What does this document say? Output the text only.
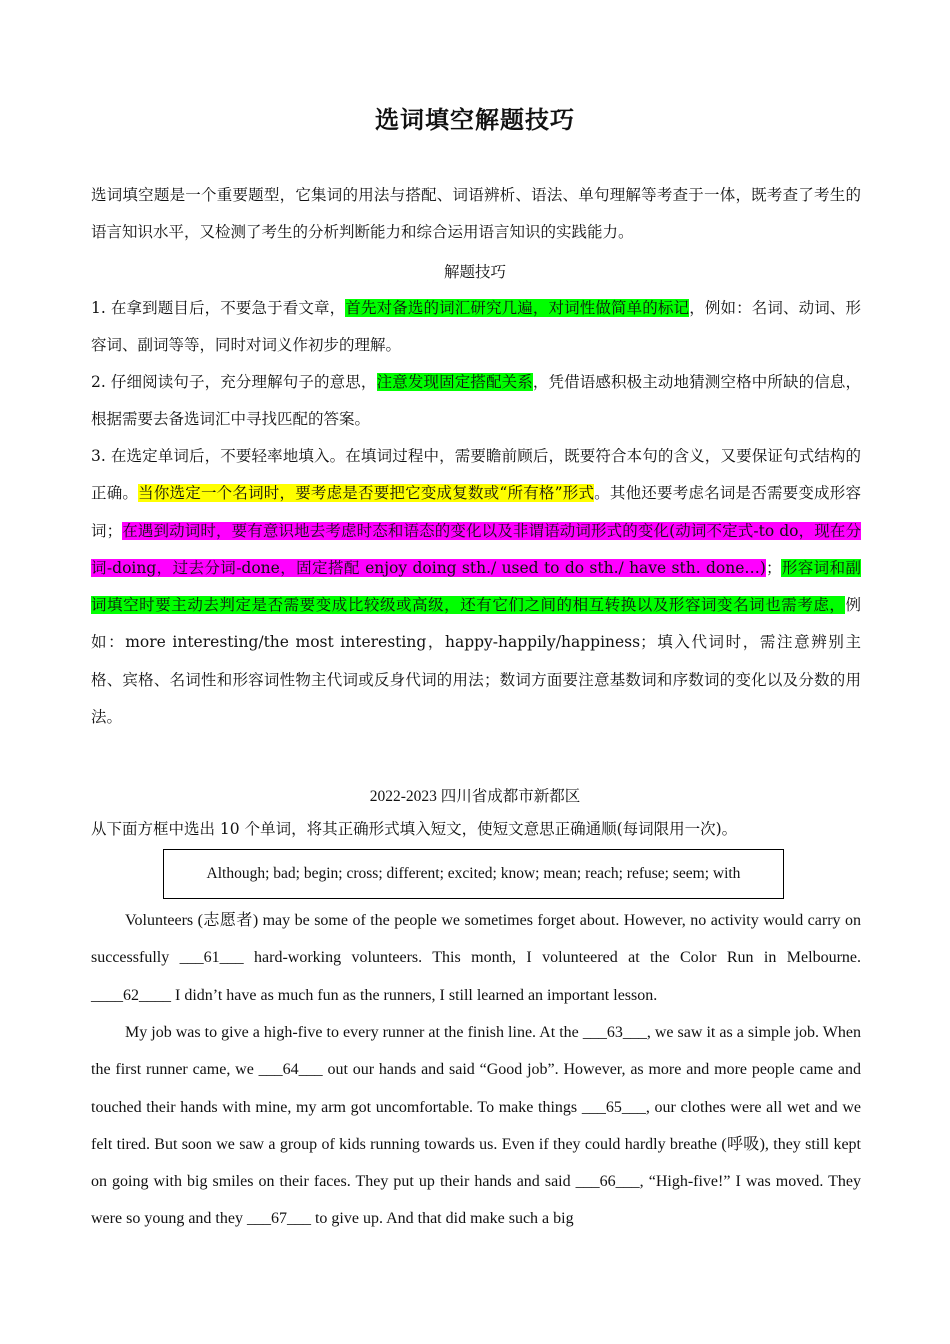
选词填空解题技巧
选词填空题是一个重要题型，它集词的用法与搭配、词语辨析、语法、单句理解等考查于一体，既考查了考生的语言知识水平，又检测了考生的分析判断能力和综合运用语言知识的实践能力。
解题技巧
1. 在拿到题目后，不要急于看文章，首先对备选的词汇研究几遍，对词性做简单的标记，例如：名词、动词、形容词、副词等等，同时对词义作初步的理解。
2. 仔细阅读句子，充分理解句子的意思，注意发现固定搭配关系，凭借语感积极主动地猜测空格中所缺的信息，根据需要去备选词汇中寻找匹配的答案。
3. 在选定单词后，不要轻率地填入。在填词过程中，需要瞻前顾后，既要符合本句的含义，又要保证句式结构的正确。当你选定一个名词时，要考虑是否要把它变成复数或“所有格”形式。其他还要考虑名词是否需要变成形容词；在遇到动词时，要有意识地去考虑时态和语态的变化以及非谓语动词形式的变化(动词不定式-to do，现在分词-doing，过去分词-done，固定搭配 enjoy doing sth./ used to do sth./ have sth. done…)；形容词和副词填空时要主动去判定是否需要变成比较级或高级，还有它们之间的相互转换以及形容词变名词也需考虑，例如：more interesting/the most interesting，happy-happily/happiness；填入代词时，需注意辨别主格、宾格、名词性和形容词性物主代词或反身代词的用法；数词方面要注意基数词和序数词的变化以及分数的用法。
2022-2023 四川省成都市新都区
从下面方框中选出 10 个单词，将其正确形式填入短文，使短文意思正确通顺(每词限用一次)。
Although; bad; begin; cross; different; excited; know; mean; reach; refuse; seem; with
Volunteers (志愿者) may be some of the people we sometimes forget about. However, no activity would carry on successfully ___61___ hard-working volunteers. This month, I volunteered at the Color Run in Melbourne. ____62____ I didn’t have as much fun as the runners, I still learned an important lesson.
My job was to give a high-five to every runner at the finish line. At the ___63___, we saw it as a simple job. When the first runner came, we ___64___ out our hands and said “Good job”. However, as more and more people came and touched their hands with mine, my arm got uncomfortable. To make things ___65___, our clothes were all wet and we felt tired. But soon we saw a group of kids running towards us. Even if they could hardly breathe (呼吸), they still kept on going with big smiles on their faces. They put up their hands and said ___66___, “High-five!” I was moved. They were so young and they ___67___ to give up. And that did make such a big
